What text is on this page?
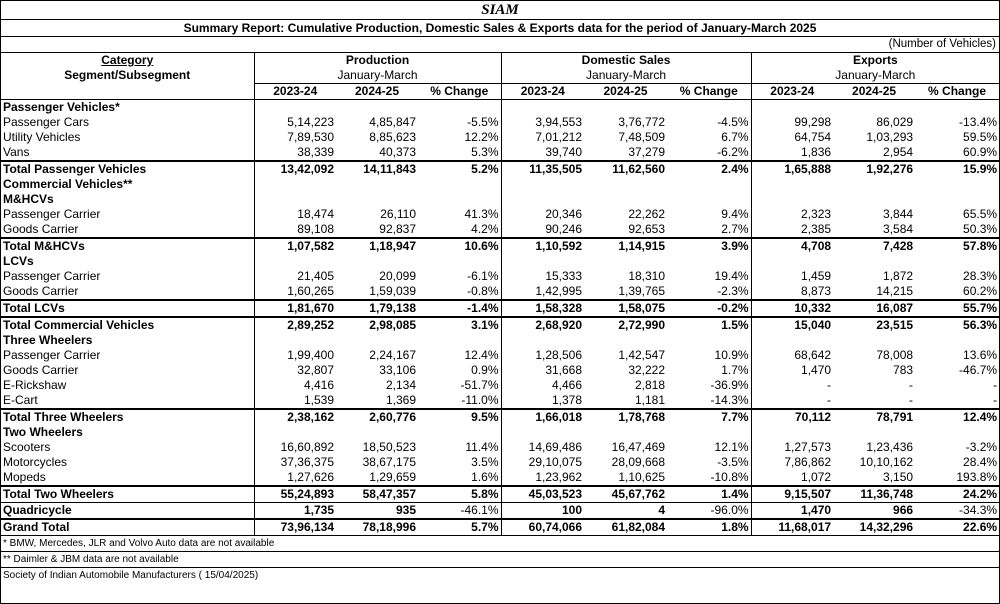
SIAM
Summary Report: Cumulative Production, Domestic Sales & Exports data for the period of January-March 2025
(Number of Vehicles)
Category	Production			Domestic Sales			Exports		
Segment/Subsegment	January-March			January-March			January-March		
	2023-24	2024-25	% Change	2023-24	2024-25	% Change	2023-24	2024-25	% Change
Passenger Vehicles*									
Passenger Cars	5,14,223	4,85,847	-5.5%	3,94,553	3,76,772	-4.5%	99,298	86,029	-13.4%
Utility Vehicles	7,89,530	8,85,623	12.2%	7,01,212	7,48,509	6.7%	64,754	1,03,293	59.5%
Vans	38,339	40,373	5.3%	39,740	37,279	-6.2%	1,836	2,954	60.9%
Total Passenger Vehicles	13,42,092	14,11,843	5.2%	11,35,505	11,62,560	2.4%	1,65,888	1,92,276	15.9%
Commercial Vehicles**									
M&HCVs									
Passenger Carrier	18,474	26,110	41.3%	20,346	22,262	9.4%	2,323	3,844	65.5%
Goods Carrier	89,108	92,837	4.2%	90,246	92,653	2.7%	2,385	3,584	50.3%
Total M&HCVs	1,07,582	1,18,947	10.6%	1,10,592	1,14,915	3.9%	4,708	7,428	57.8%
LCVs									
Passenger Carrier	21,405	20,099	-6.1%	15,333	18,310	19.4%	1,459	1,872	28.3%
Goods Carrier	1,60,265	1,59,039	-0.8%	1,42,995	1,39,765	-2.3%	8,873	14,215	60.2%
Total LCVs	1,81,670	1,79,138	-1.4%	1,58,328	1,58,075	-0.2%	10,332	16,087	55.7%
Total Commercial Vehicles	2,89,252	2,98,085	3.1%	2,68,920	2,72,990	1.5%	15,040	23,515	56.3%
Three Wheelers									
Passenger Carrier	1,99,400	2,24,167	12.4%	1,28,506	1,42,547	10.9%	68,642	78,008	13.6%
Goods Carrier	32,807	33,106	0.9%	31,668	32,222	1.7%	1,470	783	-46.7%
E-Rickshaw	4,416	2,134	-51.7%	4,466	2,818	-36.9%	-	-	-
E-Cart	1,539	1,369	-11.0%	1,378	1,181	-14.3%	-	-	-
Total Three Wheelers	2,38,162	2,60,776	9.5%	1,66,018	1,78,768	7.7%	70,112	78,791	12.4%
Two Wheelers									
Scooters	16,60,892	18,50,523	11.4%	14,69,486	16,47,469	12.1%	1,27,573	1,23,436	-3.2%
Motorcycles	37,36,375	38,67,175	3.5%	29,10,075	28,09,668	-3.5%	7,86,862	10,10,162	28.4%
Mopeds	1,27,626	1,29,659	1.6%	1,23,962	1,10,625	-10.8%	1,072	3,150	193.8%
Total Two Wheelers	55,24,893	58,47,357	5.8%	45,03,523	45,67,762	1.4%	9,15,507	11,36,748	24.2%
Quadricycle	1,735	935	-46.1%	100	4	-96.0%	1,470	966	-34.3%
Grand Total	73,96,134	78,18,996	5.7%	60,74,066	61,82,084	1.8%	11,68,017	14,32,296	22.6%
* BMW, Mercedes, JLR and Volvo Auto data are not available
** Daimler & JBM data are not available
Society of Indian Automobile Manufacturers ( 15/04/2025)
